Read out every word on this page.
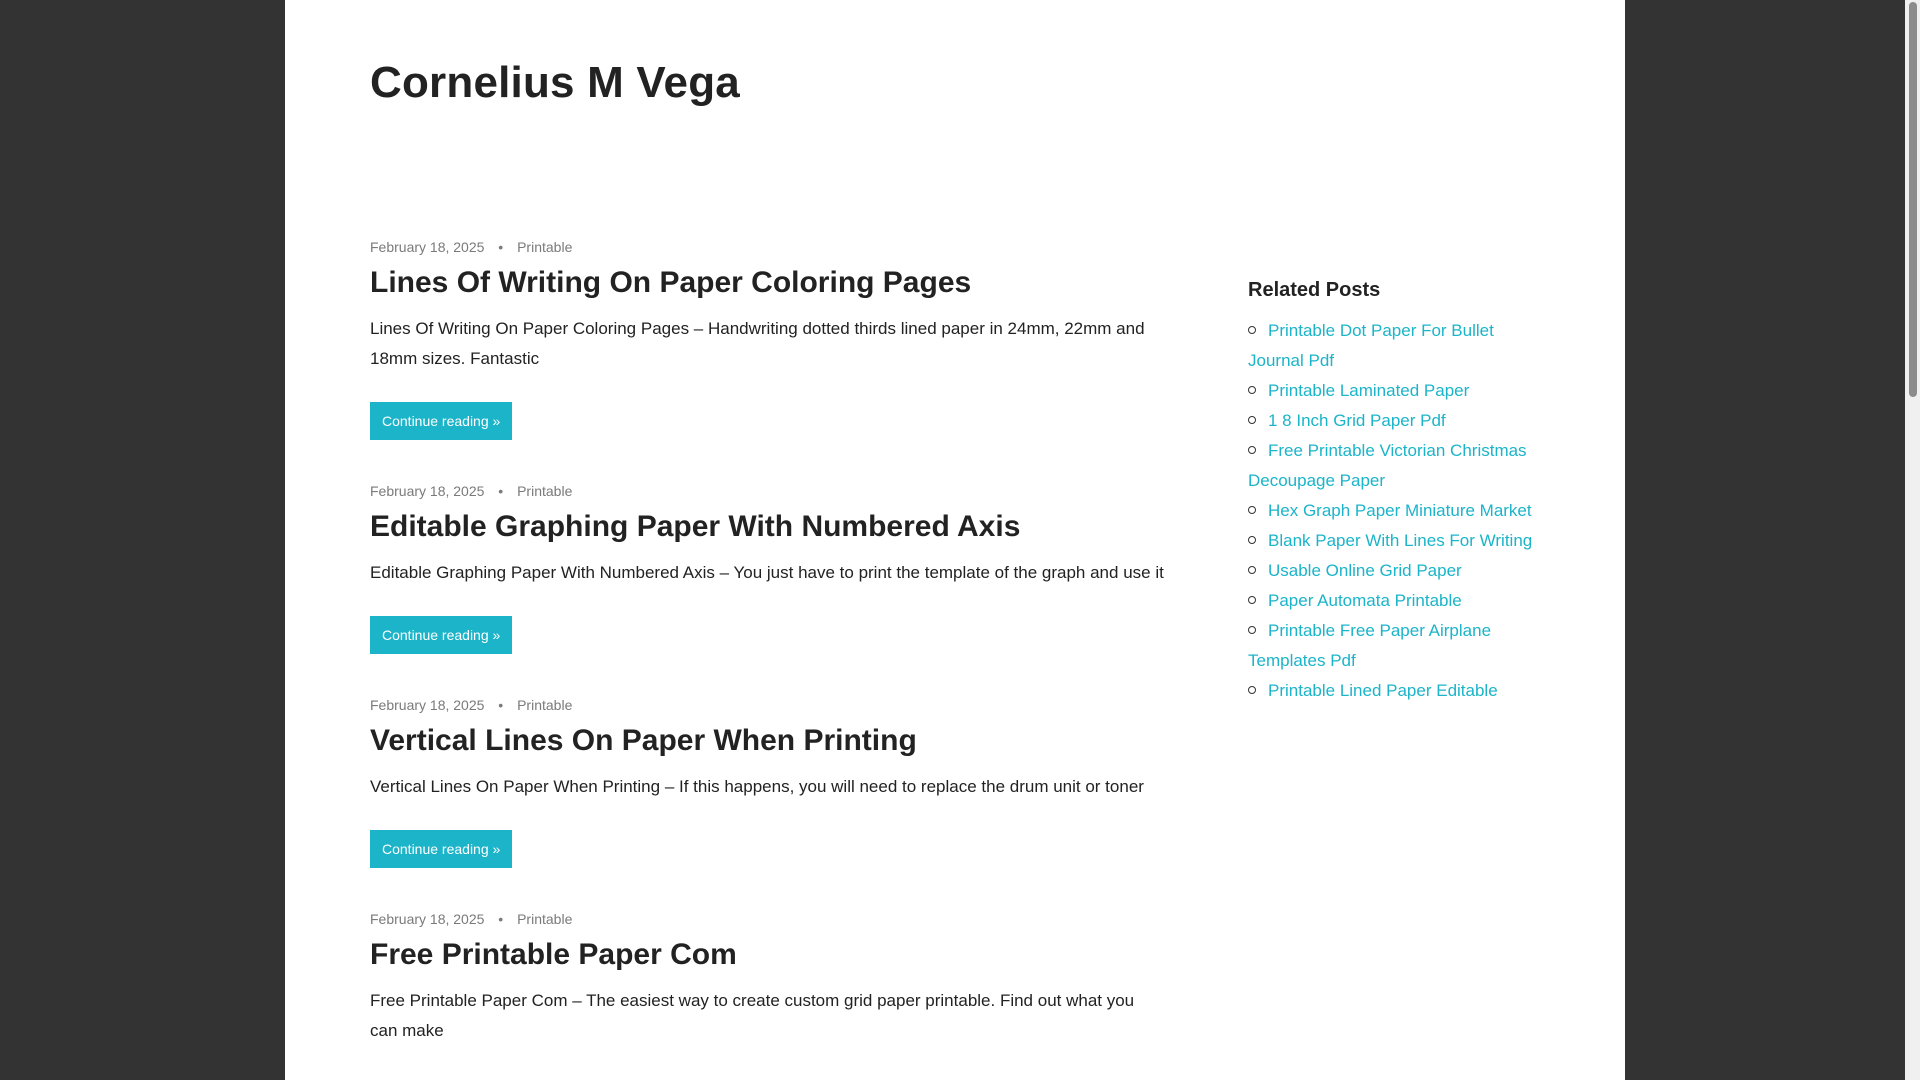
Cornelius M Vega
February 18, 2025 • Printable
Lines Of Writing On Paper Coloring Pages

Lines Of Writing On Paper Coloring Pages – Handwriting dotted thirds lined paper in 24mm, 22mm and 18mm sizes. Fantastic

Continue reading »
February 18, 2025 • Printable
Editable Graphing Paper With Numbered Axis

Editable Graphing Paper With Numbered Axis – You just have to print the template of the graph and use it

Continue reading »
February 18, 2025 • Printable
Vertical Lines On Paper When Printing

Vertical Lines On Paper When Printing – If this happens, you will need to replace the drum unit or toner

Continue reading »
February 18, 2025 • Printable
Free Printable Paper Com

Free Printable Paper Com – The easiest way to create custom grid paper printable. Find out what you can make

Related Posts
Printable Dot Paper For Bullet Journal Pdf
Printable Laminated Paper
1 8 Inch Grid Paper Pdf
Free Printable Victorian Christmas Decoupage Paper
Hex Graph Paper Miniature Market
Blank Paper With Lines For Writing
Usable Online Grid Paper
Paper Automata Printable
Printable Free Paper Airplane Templates Pdf
Printable Lined Paper Editable
